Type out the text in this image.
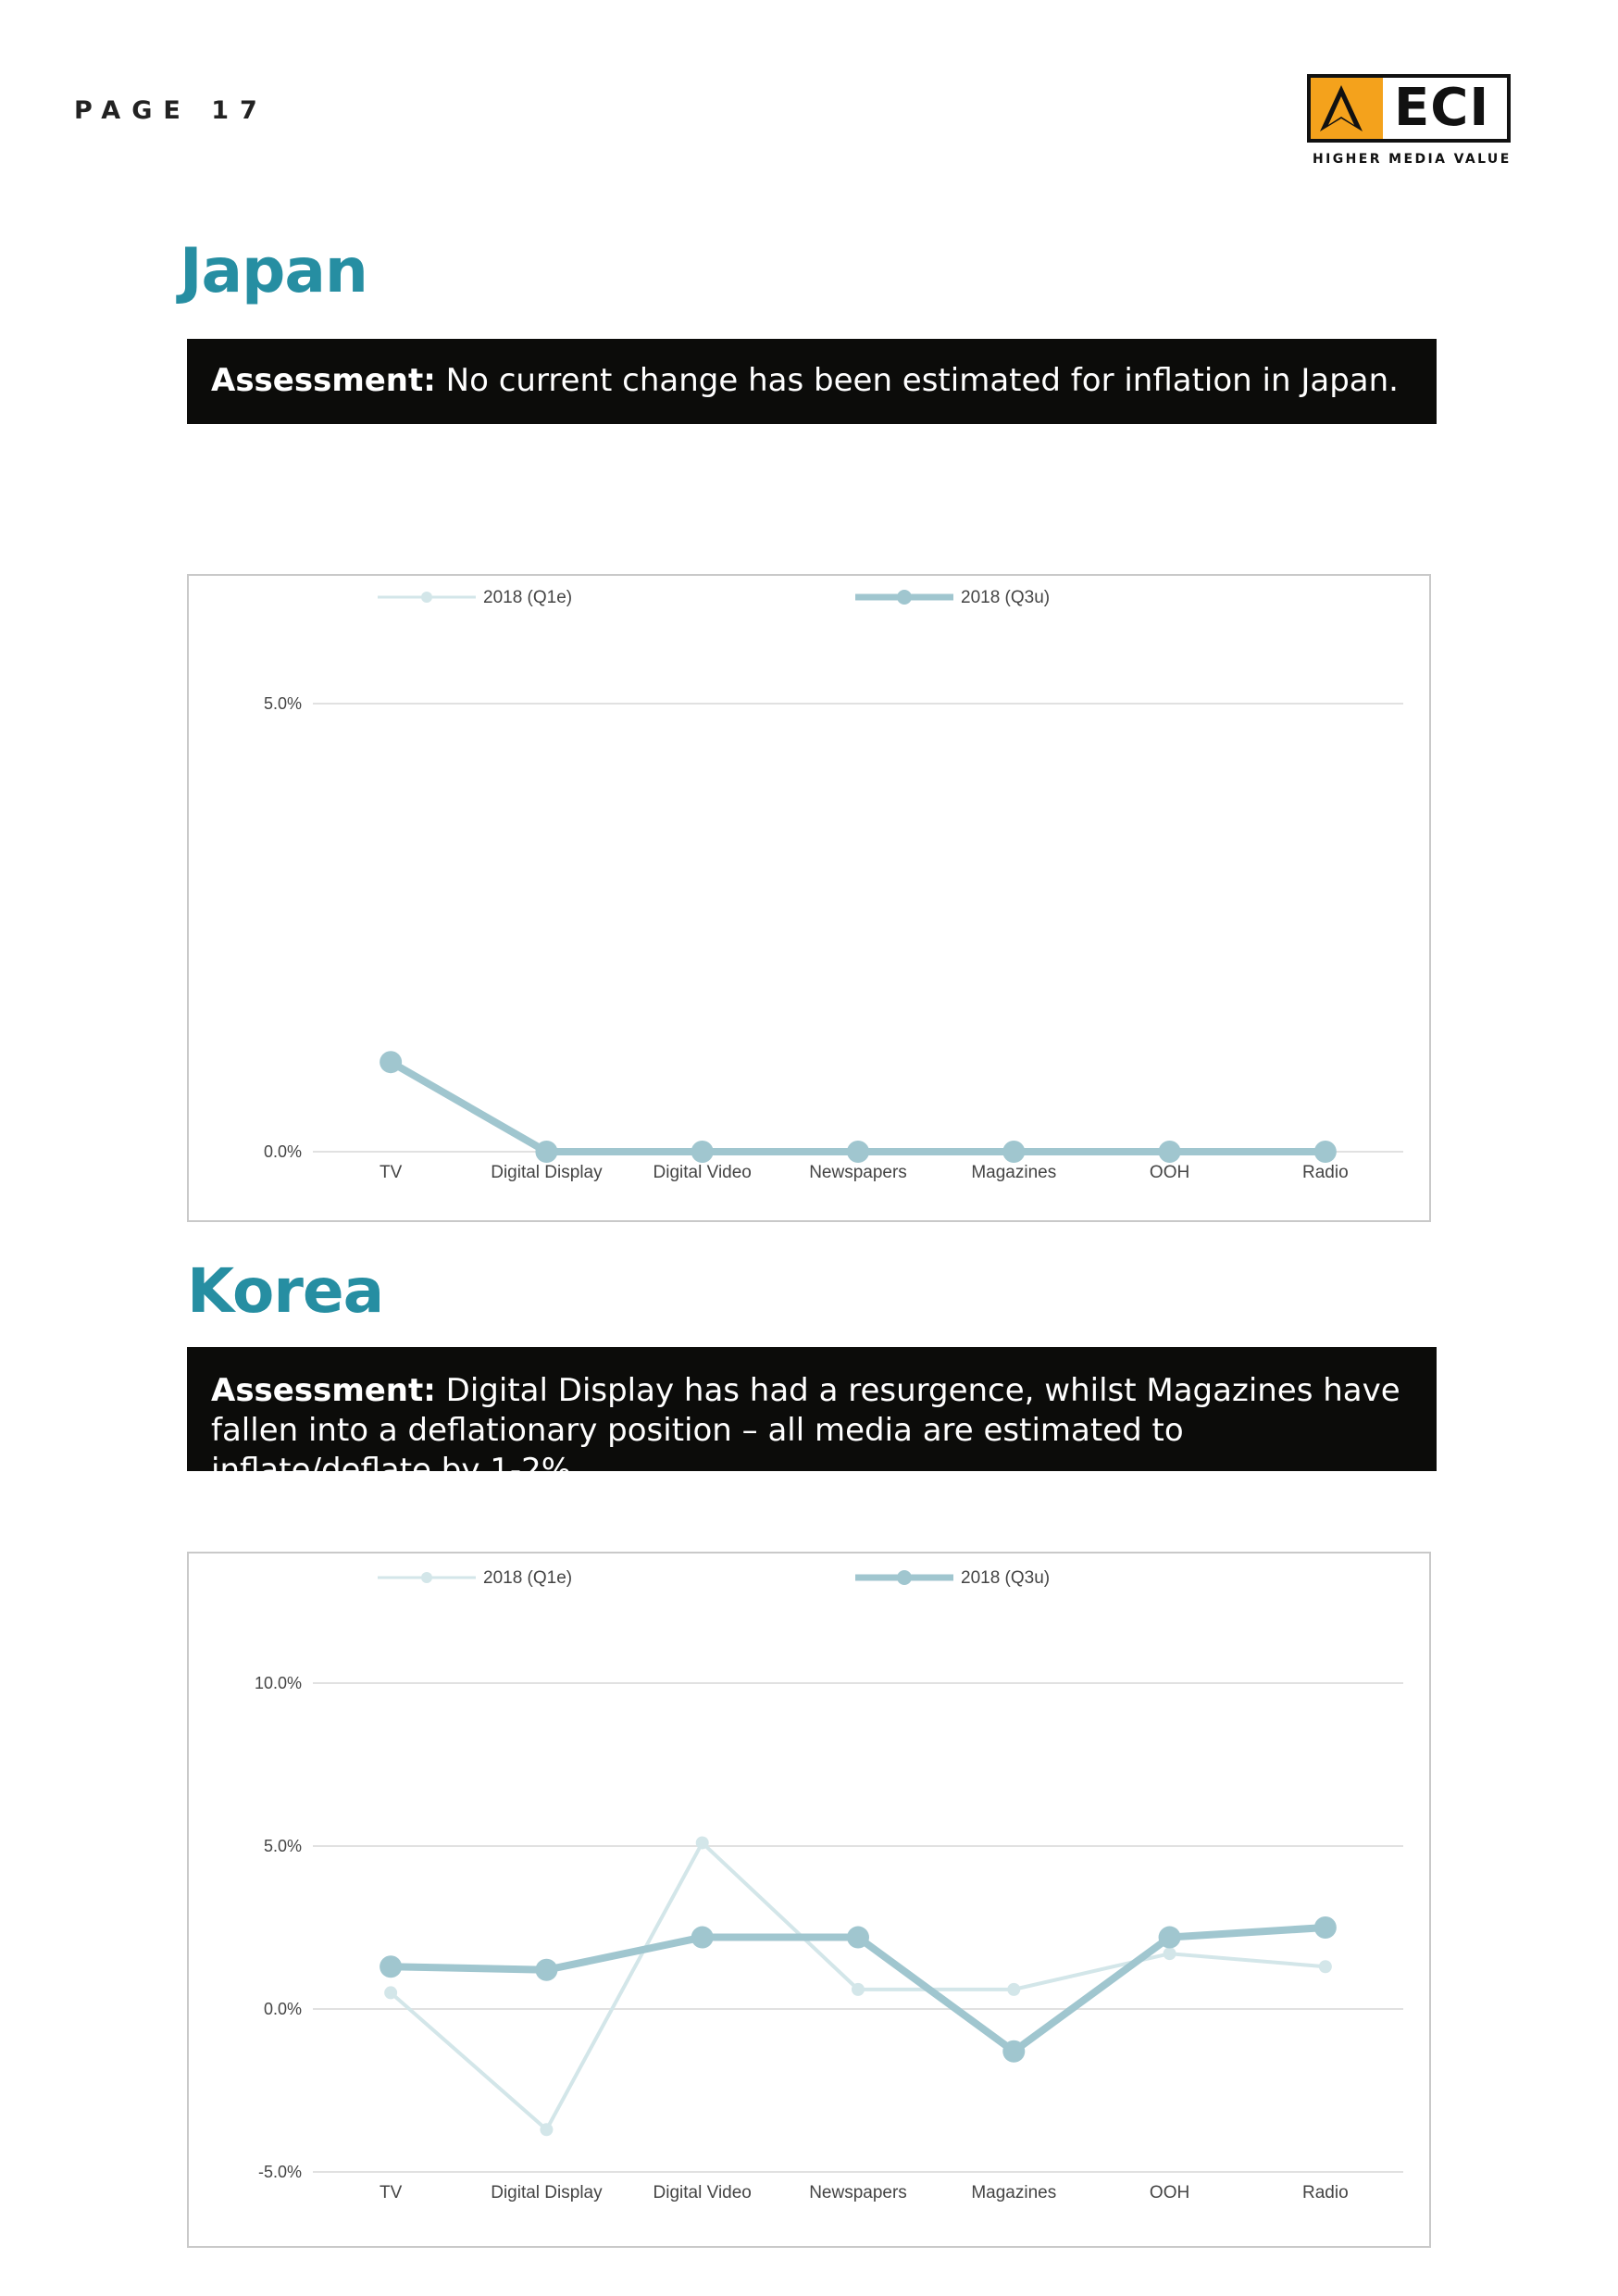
PAGE 17	ECI
HIGHER MEDIA VALUE
Japan
Assessment: No current change has been estimated for inflation in Japan.
0.0%
5.0%
TV	Digital Display	Digital Video	Newspapers	Magazines	OOH	Radio
2018 (Q1e)	2018 (Q3u)
Korea
Assessment: Digital Display has had a resurgence, whilst Magazines have fallen into a deflationary position – all media are estimated to inflate/deflate by 1-2%.
-5.0%
0.0%
5.0%
10.0%
TV	Digital Display	Digital Video	Newspapers	Magazines	OOH	Radio
2018 (Q1e)	2018 (Q3u)
